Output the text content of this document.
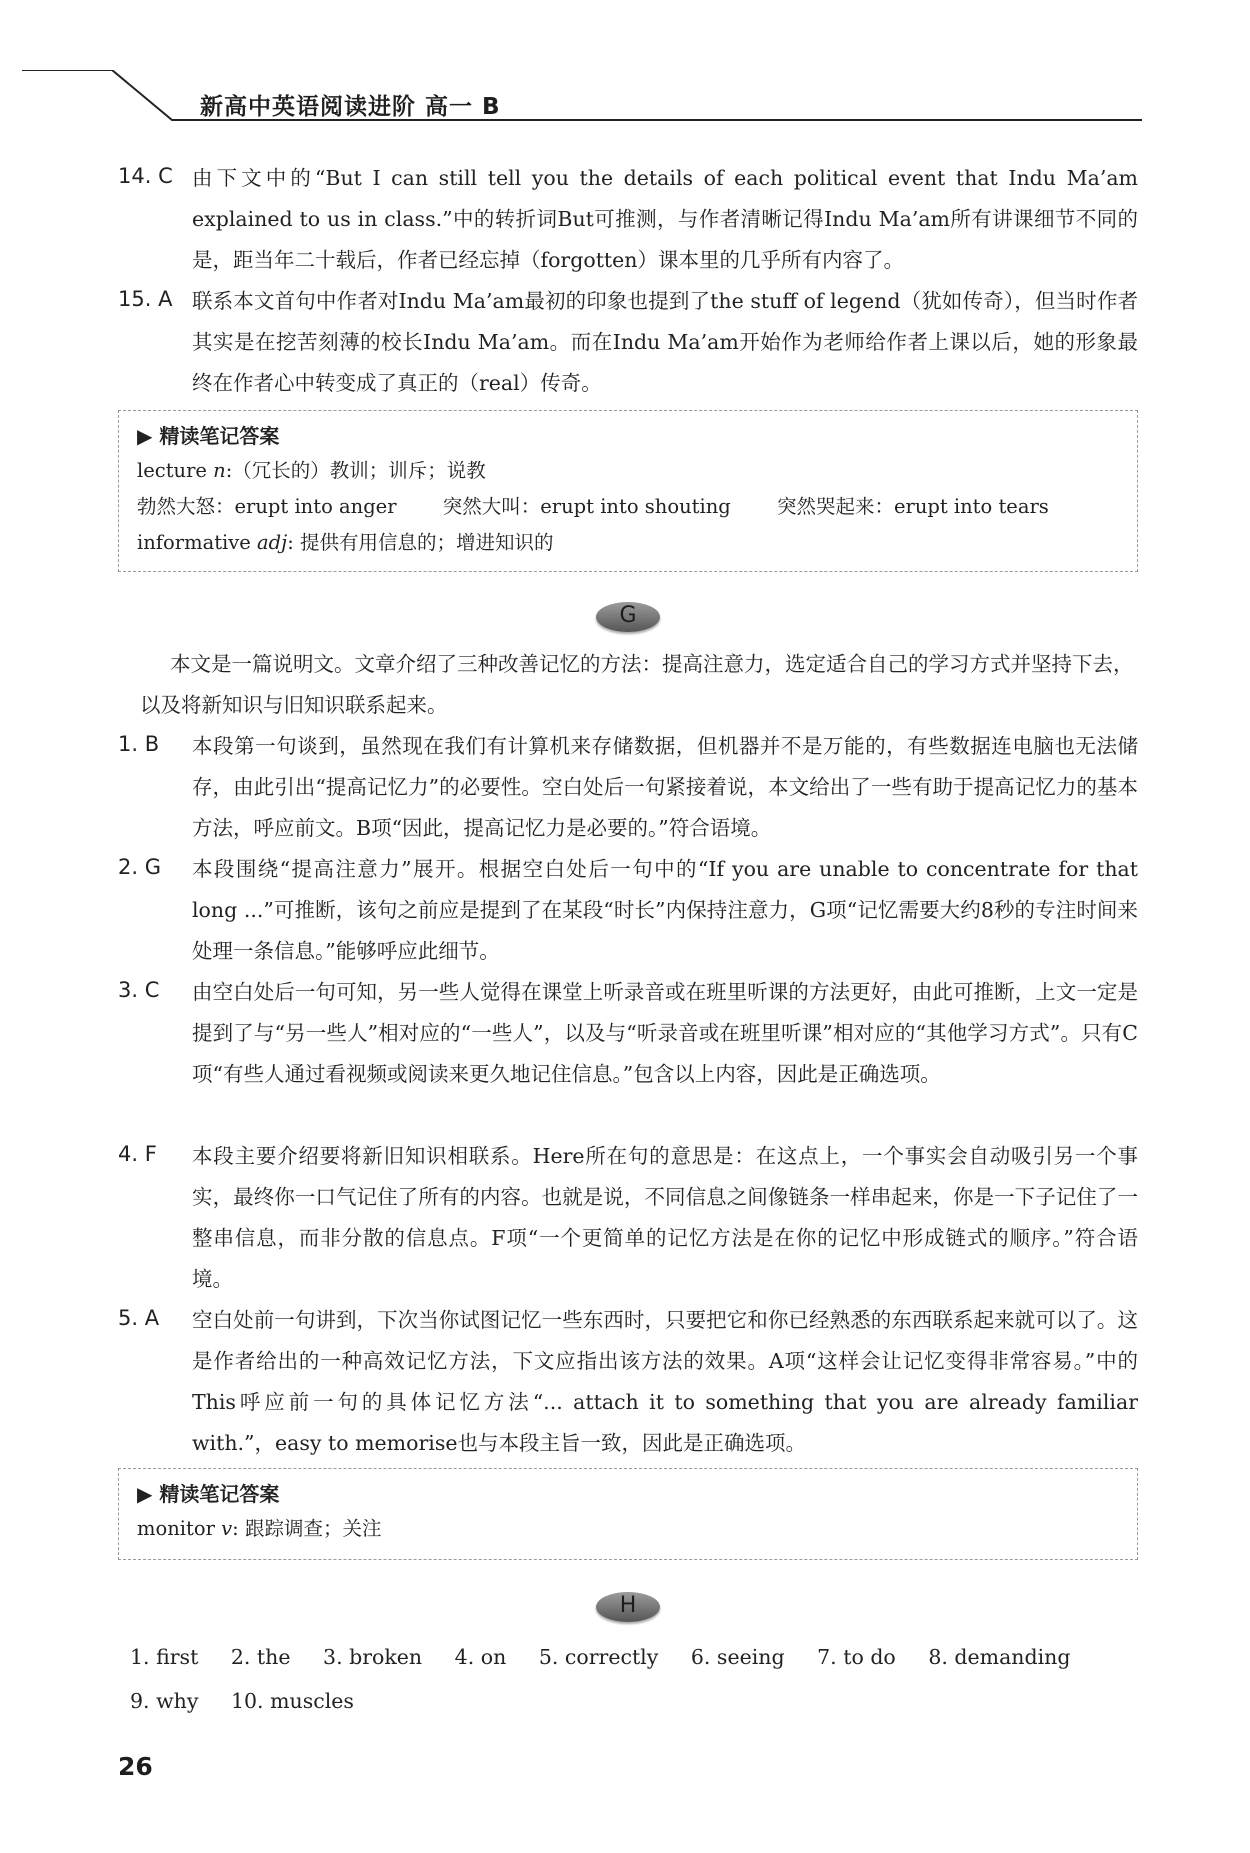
新高中英语阅读进阶 高一 B
14. C 由下文中的“But I can still tell you the details of each political event that Indu Ma’am explained to us in class.”中的转折词But可推测，与作者清晰记得Indu Ma’am所有讲课细节不同的是，距当年二十载后，作者已经忘掉（forgotten）课本里的几乎所有内容了。
15. A 联系本文首句中作者对Indu Ma’am最初的印象也提到了the stuff of legend（犹如传奇），但当时作者其实是在挖苦刻薄的校长Indu Ma’am。而在Indu Ma’am开始作为老师给作者上课以后，她的形象最终在作者心中转变成了真正的（real）传奇。
▶ 精读笔记答案
lecture n:（冗长的）教训；训斥；说教
勃然大怒：erupt into anger 突然大叫：erupt into shouting 突然哭起来：erupt into tears
informative adj: 提供有用信息的；增进知识的
G
本文是一篇说明文。文章介绍了三种改善记忆的方法：提高注意力，选定适合自己的学习方式并坚持下去，以及将新知识与旧知识联系起来。
1. B	本段第一句谈到，虽然现在我们有计算机来存储数据，但机器并不是万能的，有些数据连电脑也无法储存，由此引出“提高记忆力”的必要性。空白处后一句紧接着说，本文给出了一些有助于提高记忆力的基本方法，呼应前文。B项“因此，提高记忆力是必要的。”符合语境。
2. G	本段围绕“提高注意力”展开。根据空白处后一句中的“If you are unable to concentrate for that long ...”可推断，该句之前应是提到了在某段“时长”内保持注意力，G项“记忆需要大约8秒的专注时间来处理一条信息。”能够呼应此细节。
3. C	由空白处后一句可知，另一些人觉得在课堂上听录音或在班里听课的方法更好，由此可推断，上文一定是提到了与“另一些人”相对应的“一些人”，以及与“听录音或在班里听课”相对应的“其他学习方式”。只有C项“有些人通过看视频或阅读来更久地记住信息。”包含以上内容，因此是正确选项。
4. F	本段主要介绍要将新旧知识相联系。Here所在句的意思是：在这点上，一个事实会自动吸引另一个事实，最终你一口气记住了所有的内容。也就是说，不同信息之间像链条一样串起来，你是一下子记住了一整串信息，而非分散的信息点。F项“一个更简单的记忆方法是在你的记忆中形成链式的顺序。”符合语境。
5. A	空白处前一句讲到，下次当你试图记忆一些东西时，只要把它和你已经熟悉的东西联系起来就可以了。这是作者给出的一种高效记忆方法，下文应指出该方法的效果。A项“这样会让记忆变得非常容易。”中的This呼应前一句的具体记忆方法“... attach it to something that you are already familiar with.”，easy to memorise也与本段主旨一致，因此是正确选项。
▶ 精读笔记答案
monitor v: 跟踪调查；关注
H
1. first 2. the 3. broken 4. on 5. correctly 6. seeing 7. to do 8. demanding 9. why 10. muscles
26
